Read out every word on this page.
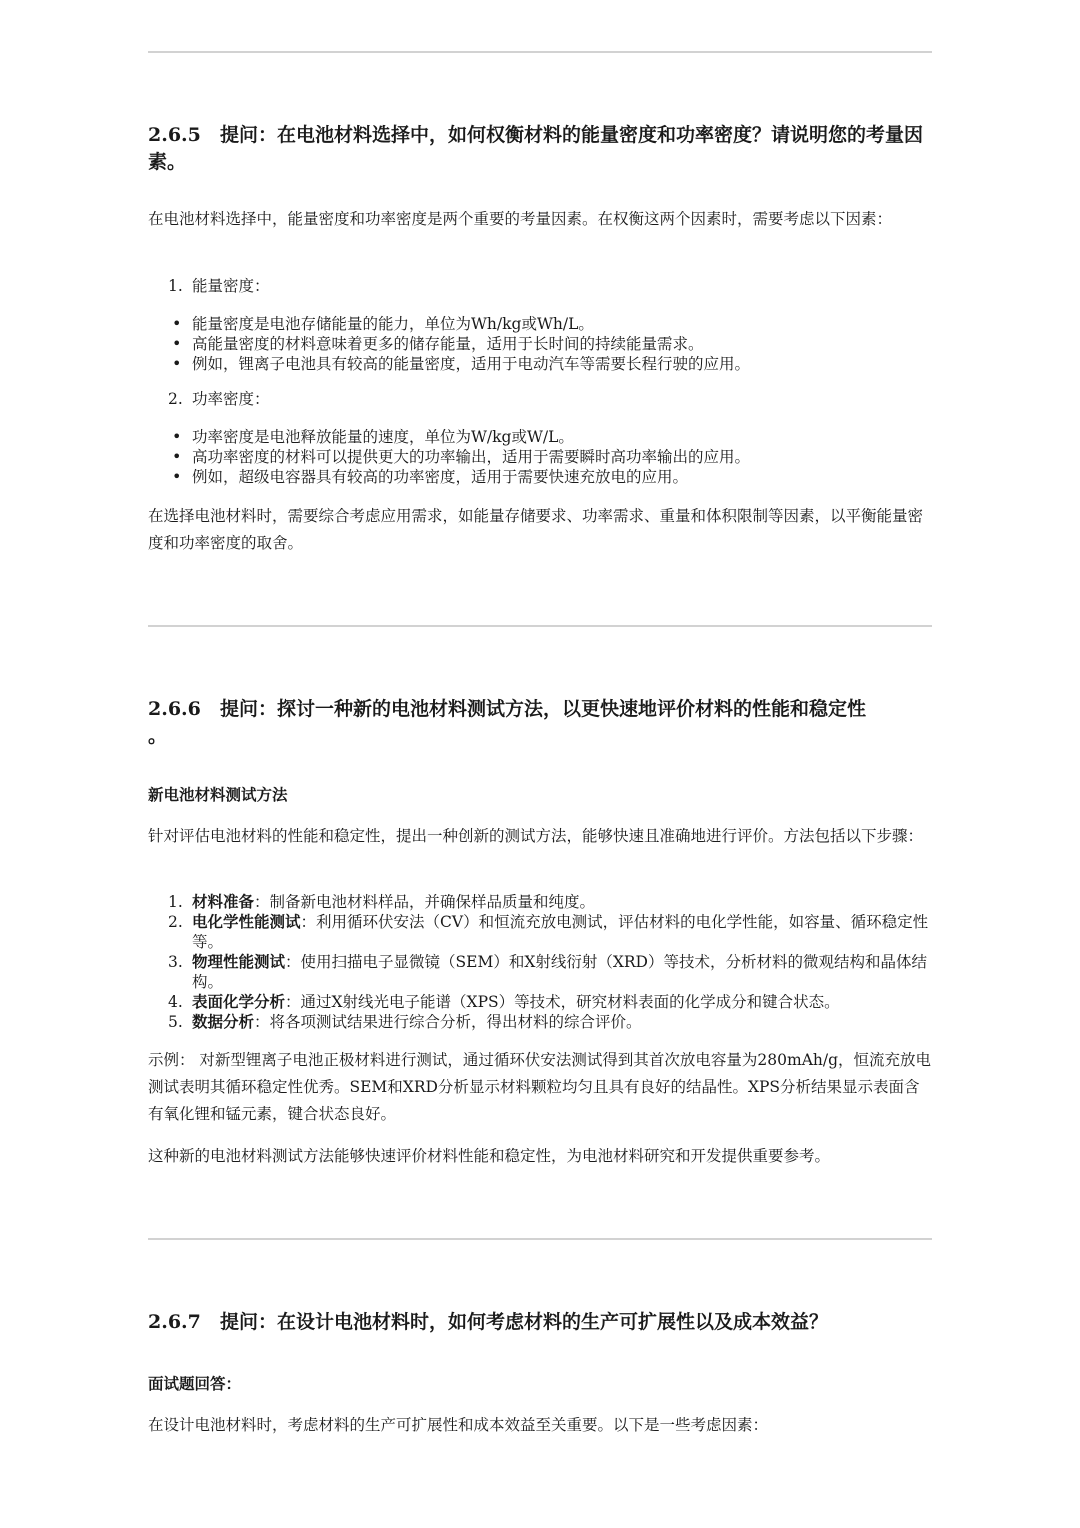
2.6.5 提问：在电池材料选择中，如何权衡材料的能量密度和功率密度？请说明您的考量因素。

在电池材料选择中，能量密度和功率密度是两个重要的考量因素。在权衡这两个因素时，需要考虑以下因素：

1. 能量密度：
• 能量密度是电池存储能量的能力，单位为Wh/kg或Wh/L。
• 高能量密度的材料意味着更多的储存能量，适用于长时间的持续能量需求。
• 例如，锂离子电池具有较高的能量密度，适用于电动汽车等需要长程行驶的应用。
2. 功率密度：
• 功率密度是电池释放能量的速度，单位为W/kg或W/L。
• 高功率密度的材料可以提供更大的功率输出，适用于需要瞬时高功率输出的应用。
• 例如，超级电容器具有较高的功率密度，适用于需要快速充放电的应用。

在选择电池材料时，需要综合考虑应用需求，如能量存储要求、功率需求、重量和体积限制等因素，以平衡能量密度和功率密度的取舍。

2.6.6 提问：探讨一种新的电池材料测试方法，以更快速地评价材料的性能和稳定性
。

新电池材料测试方法

针对评估电池材料的性能和稳定性，提出一种创新的测试方法，能够快速且准确地进行评价。方法包括以下步骤：

1. 材料准备：制备新电池材料样品，并确保样品质量和纯度。
2. 电化学性能测试：利用循环伏安法（CV）和恒流充放电测试，评估材料的电化学性能，如容量、循环稳定性等。
3. 物理性能测试：使用扫描电子显微镜（SEM）和X射线衍射（XRD）等技术，分析材料的微观结构和晶体结构。
4. 表面化学分析：通过X射线光电子能谱（XPS）等技术，研究材料表面的化学成分和键合状态。
5. 数据分析：将各项测试结果进行综合分析，得出材料的综合评价。

示例： 对新型锂离子电池正极材料进行测试，通过循环伏安法测试得到其首次放电容量为280mAh/g，恒流充放电测试表明其循环稳定性优秀。SEM和XRD分析显示材料颗粒均匀且具有良好的结晶性。XPS分析结果显示表面含有氧化锂和锰元素，键合状态良好。

这种新的电池材料测试方法能够快速评价材料性能和稳定性，为电池材料研究和开发提供重要参考。

2.6.7 提问：在设计电池材料时，如何考虑材料的生产可扩展性以及成本效益？

面试题回答：

在设计电池材料时，考虑材料的生产可扩展性和成本效益至关重要。以下是一些考虑因素：
